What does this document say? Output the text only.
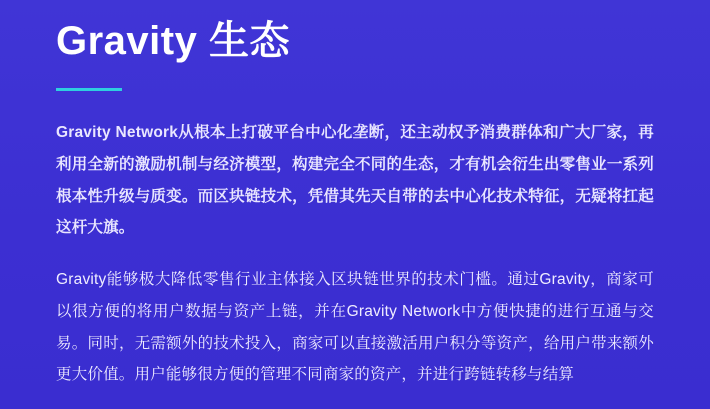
Gravity 生态

Gravity Network从根本上打破平台中心化垄断，还主动权予消费群体和广大厂家，再利用全新的激励机制与经济模型，构建完全不同的生态，才有机会衍生出零售业一系列根本性升级与质变。而区块链技术，凭借其先天自带的去中心化技术特征，无疑将扛起这杆大旗。

Gravity能够极大降低零售行业主体接入区块链世界的技术门槛。通过Gravity，商家可以很方便的将用户数据与资产上链，并在Gravity Network中方便快捷的进行互通与交易。同时，无需额外的技术投入，商家可以直接激活用户积分等资产，给用户带来额外更大价值。用户能够很方便的管理不同商家的资产，并进行跨链转移与结算
